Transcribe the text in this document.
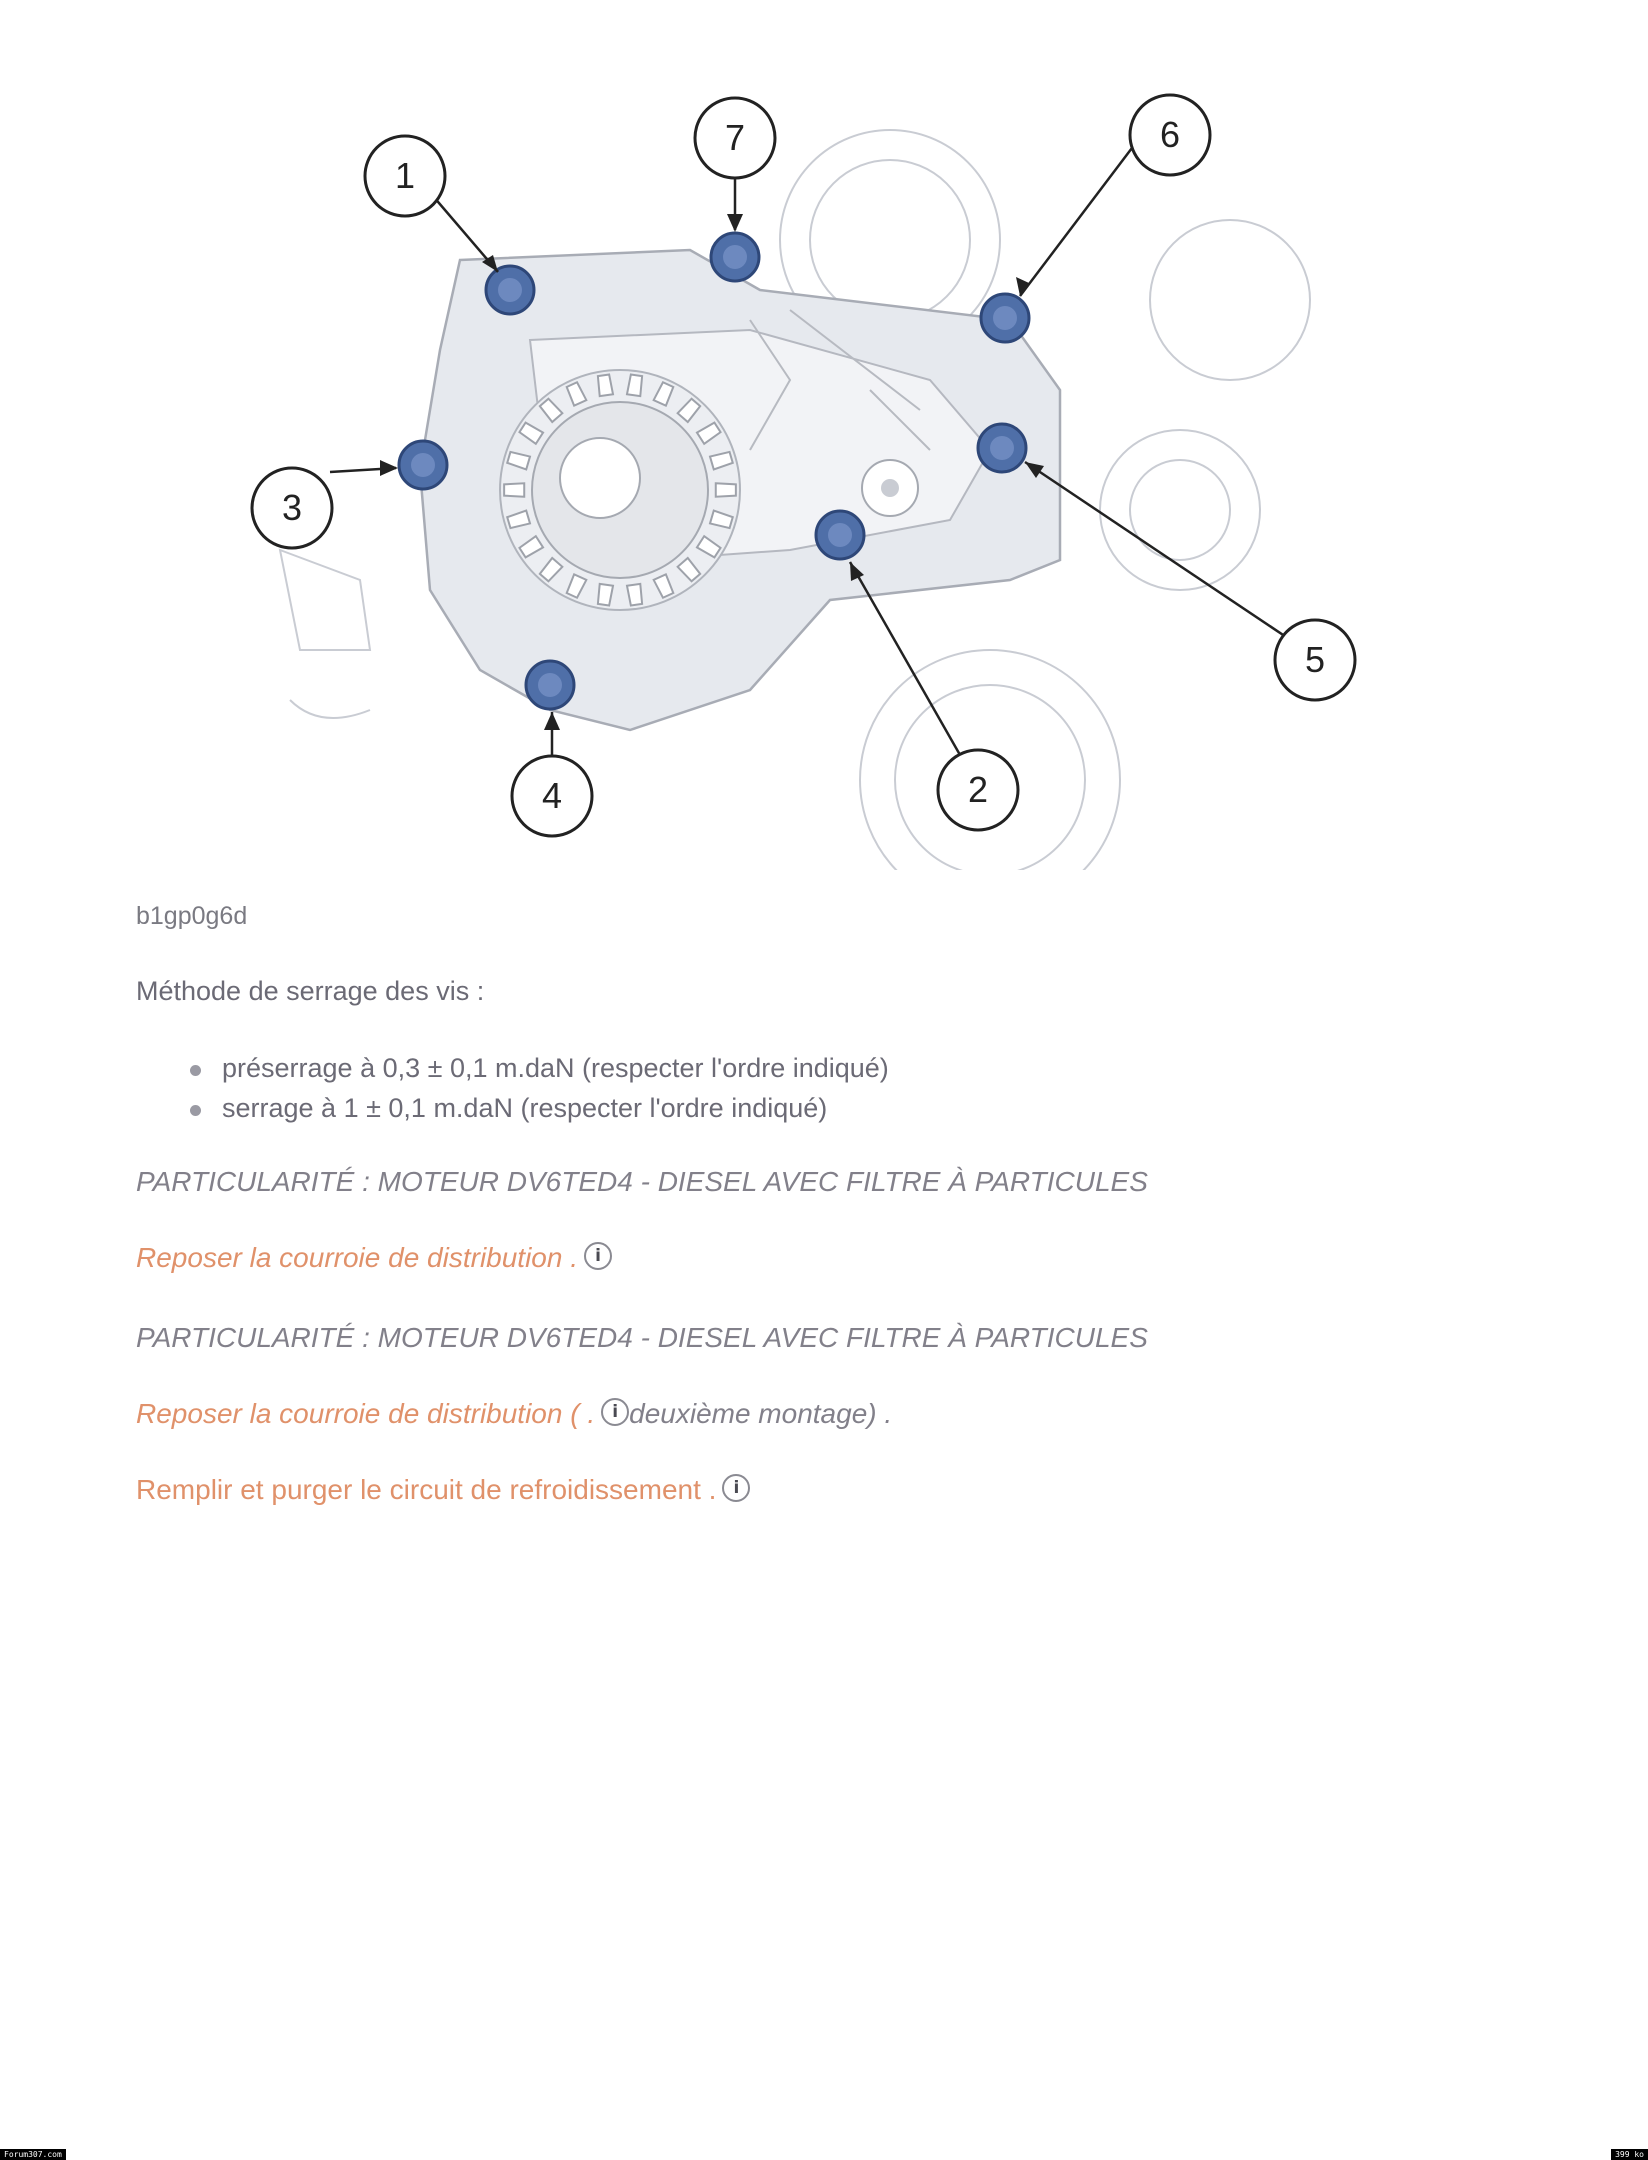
1
7	6
3
5
2
4

b1gp0g6d

Méthode de serrage des vis :

préserrage à 0,3 ± 0,1 m.daN (respecter l'ordre indiqué)
serrage à 1 ± 0,1 m.daN (respecter l'ordre indiqué)

PARTICULARITÉ : MOTEUR DV6TED4 - DIESEL AVEC FILTRE À PARTICULES

Reposer la courroie de distribution . i

PARTICULARITÉ : MOTEUR DV6TED4 - DIESEL AVEC FILTRE À PARTICULES

Reposer la courroie de distribution ( . i deuxième montage) .

Remplir et purger le circuit de refroidissement . i

Forum307.com	399 ko
